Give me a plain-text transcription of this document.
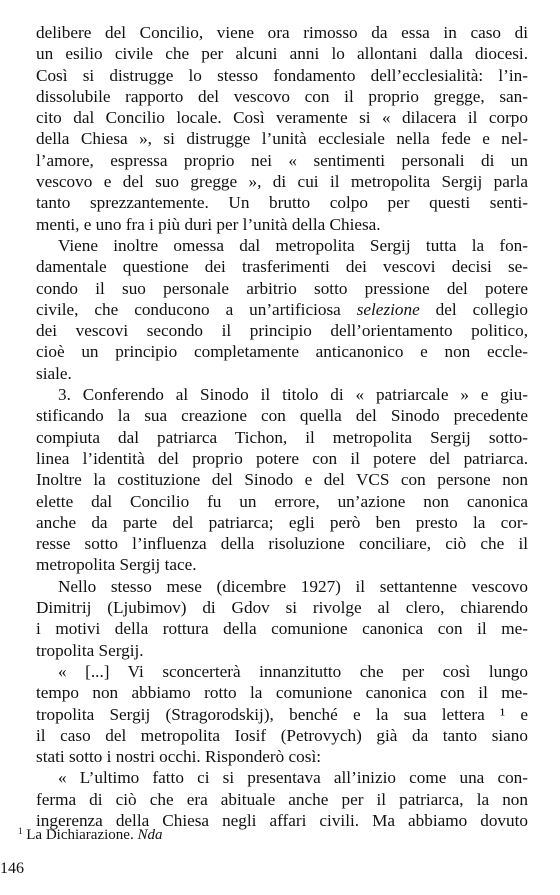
delibere del Concilio, viene ora rimosso da essa in caso di
un esilio civile che per alcuni anni lo allontani dalla diocesi.
Così si distrugge lo stesso fondamento dell’ecclesialità: l’in-
dissolubile rapporto del vescovo con il proprio gregge, san-
cito dal Concilio locale. Così veramente si « dilacera il corpo
della Chiesa », si distrugge l’unità ecclesiale nella fede e nel-
l’amore, espressa proprio nei « sentimenti personali di un
vescovo e del suo gregge », di cui il metropolita Sergij parla
tanto sprezzantemente. Un brutto colpo per questi senti-
menti, e uno fra i più duri per l’unità della Chiesa.
Viene inoltre omessa dal metropolita Sergij tutta la fon-
damentale questione dei trasferimenti dei vescovi decisi se-
condo il suo personale arbitrio sotto pressione del potere
civile, che conducono a un’artificiosa selezione del collegio
dei vescovi secondo il principio dell’orientamento politico,
cioè un principio completamente anticanonico e non eccle-
siale.
3. Conferendo al Sinodo il titolo di « patriarcale » e giu-
stificando la sua creazione con quella del Sinodo precedente
compiuta dal patriarca Tichon, il metropolita Sergij sotto-
linea l’identità del proprio potere con il potere del patriarca.
Inoltre la costituzione del Sinodo e del VCS con persone non
elette dal Concilio fu un errore, un’azione non canonica
anche da parte del patriarca; egli però ben presto la cor-
resse sotto l’influenza della risoluzione conciliare, ciò che il
metropolita Sergij tace.
Nello stesso mese (dicembre 1927) il settantenne vescovo
Dimitrij (Ljubimov) di Gdov si rivolge al clero, chiarendo
i motivi della rottura della comunione canonica con il me-
tropolita Sergij.
« [...] Vi sconcerterà innanzitutto che per così lungo
tempo non abbiamo rotto la comunione canonica con il me-
tropolita Sergij (Stragorodskij), benché e la sua lettera ¹ e
il caso del metropolita Iosif (Petrovych) già da tanto siano
stati sotto i nostri occhi. Risponderò così:
« L’ultimo fatto ci si presentava all’inizio come una con-
ferma di ciò che era abituale anche per il patriarca, la non
ingerenza della Chiesa negli affari civili. Ma abbiamo dovuto
$^1$ La Dichiarazione. Nda
146
